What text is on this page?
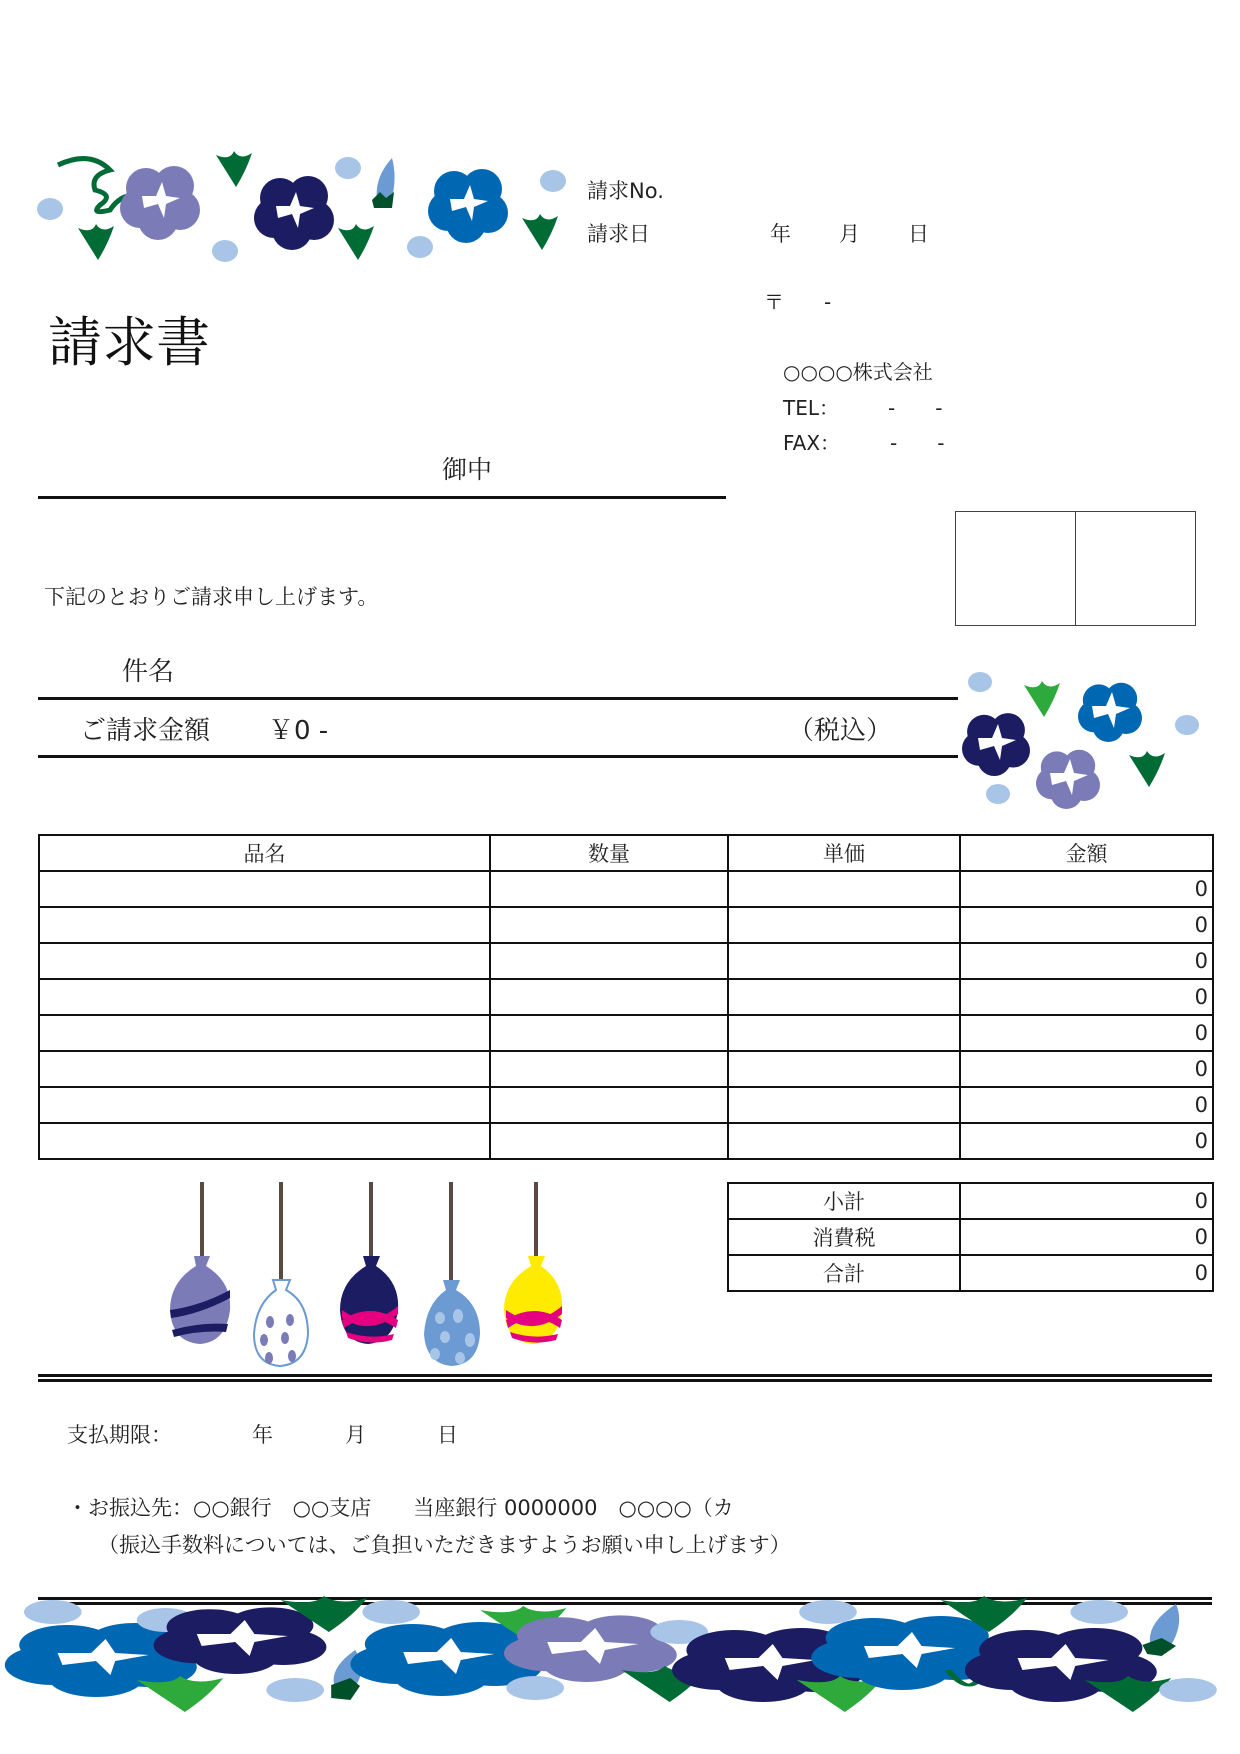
請求No.
請求日	年 月 日
請求書
〒　　-
○○○○株式会社
TEL： -　　-
FAX： -　　-
御中
下記のとおりご請求申し上げます。
件名
ご請求金額 ￥0 -	（税込）
品名	数量	単価	金額
			0
			0
			0
			0
			0
			0
			0
			0
小計	0
消費税	0
合計	0
支払期限：	年	月	日
・お振込先：○○銀行　○○支店　　当座銀行 0000000　○○○○（カ
（振込手数料については、ご負担いただきますようお願い申し上げます）
